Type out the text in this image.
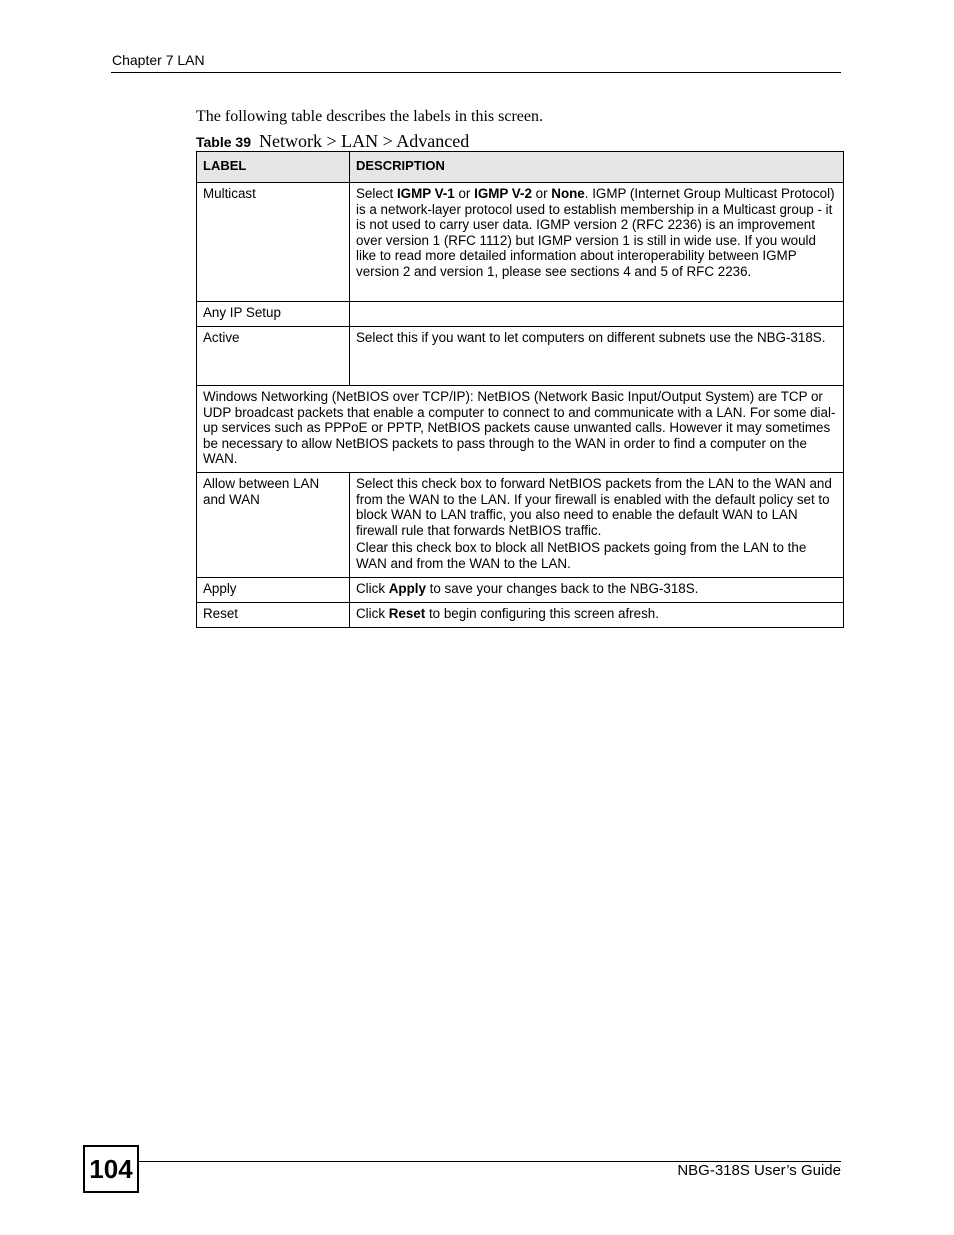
Chapter 7 LAN
The following table describes the labels in this screen.
Table 39 Network > LAN > Advanced
LABEL	DESCRIPTION
Multicast	Select IGMP V-1 or IGMP V-2 or None. IGMP (Internet Group Multicast Protocol) is a network-layer protocol used to establish membership in a Multicast group - it is not used to carry user data. IGMP version 2 (RFC 2236) is an improvement over version 1 (RFC 1112) but IGMP version 1 is still in wide use. If you would like to read more detailed information about interoperability between IGMP version 2 and version 1, please see sections 4 and 5 of RFC 2236.
Any IP Setup	
Active	Select this if you want to let computers on different subnets use the NBG-318S.
Windows Networking (NetBIOS over TCP/IP): NetBIOS (Network Basic Input/Output System) are TCP or UDP broadcast packets that enable a computer to connect to and communicate with a LAN. For some dial-up services such as PPPoE or PPTP, NetBIOS packets cause unwanted calls. However it may sometimes be necessary to allow NetBIOS packets to pass through to the WAN in order to find a computer on the WAN.	
Allow between LAN and WAN	Select this check box to forward NetBIOS packets from the LAN to the WAN and from the WAN to the LAN. If your firewall is enabled with the default policy set to block WAN to LAN traffic, you also need to enable the default WAN to LAN firewall rule that forwards NetBIOS traffic.

Clear this check box to block all NetBIOS packets going from the LAN to the WAN and from the WAN to the LAN.

Apply	Click Apply to save your changes back to the NBG-318S.
Reset	Click Reset to begin configuring this screen afresh.
104	NBG-318S User’s Guide
